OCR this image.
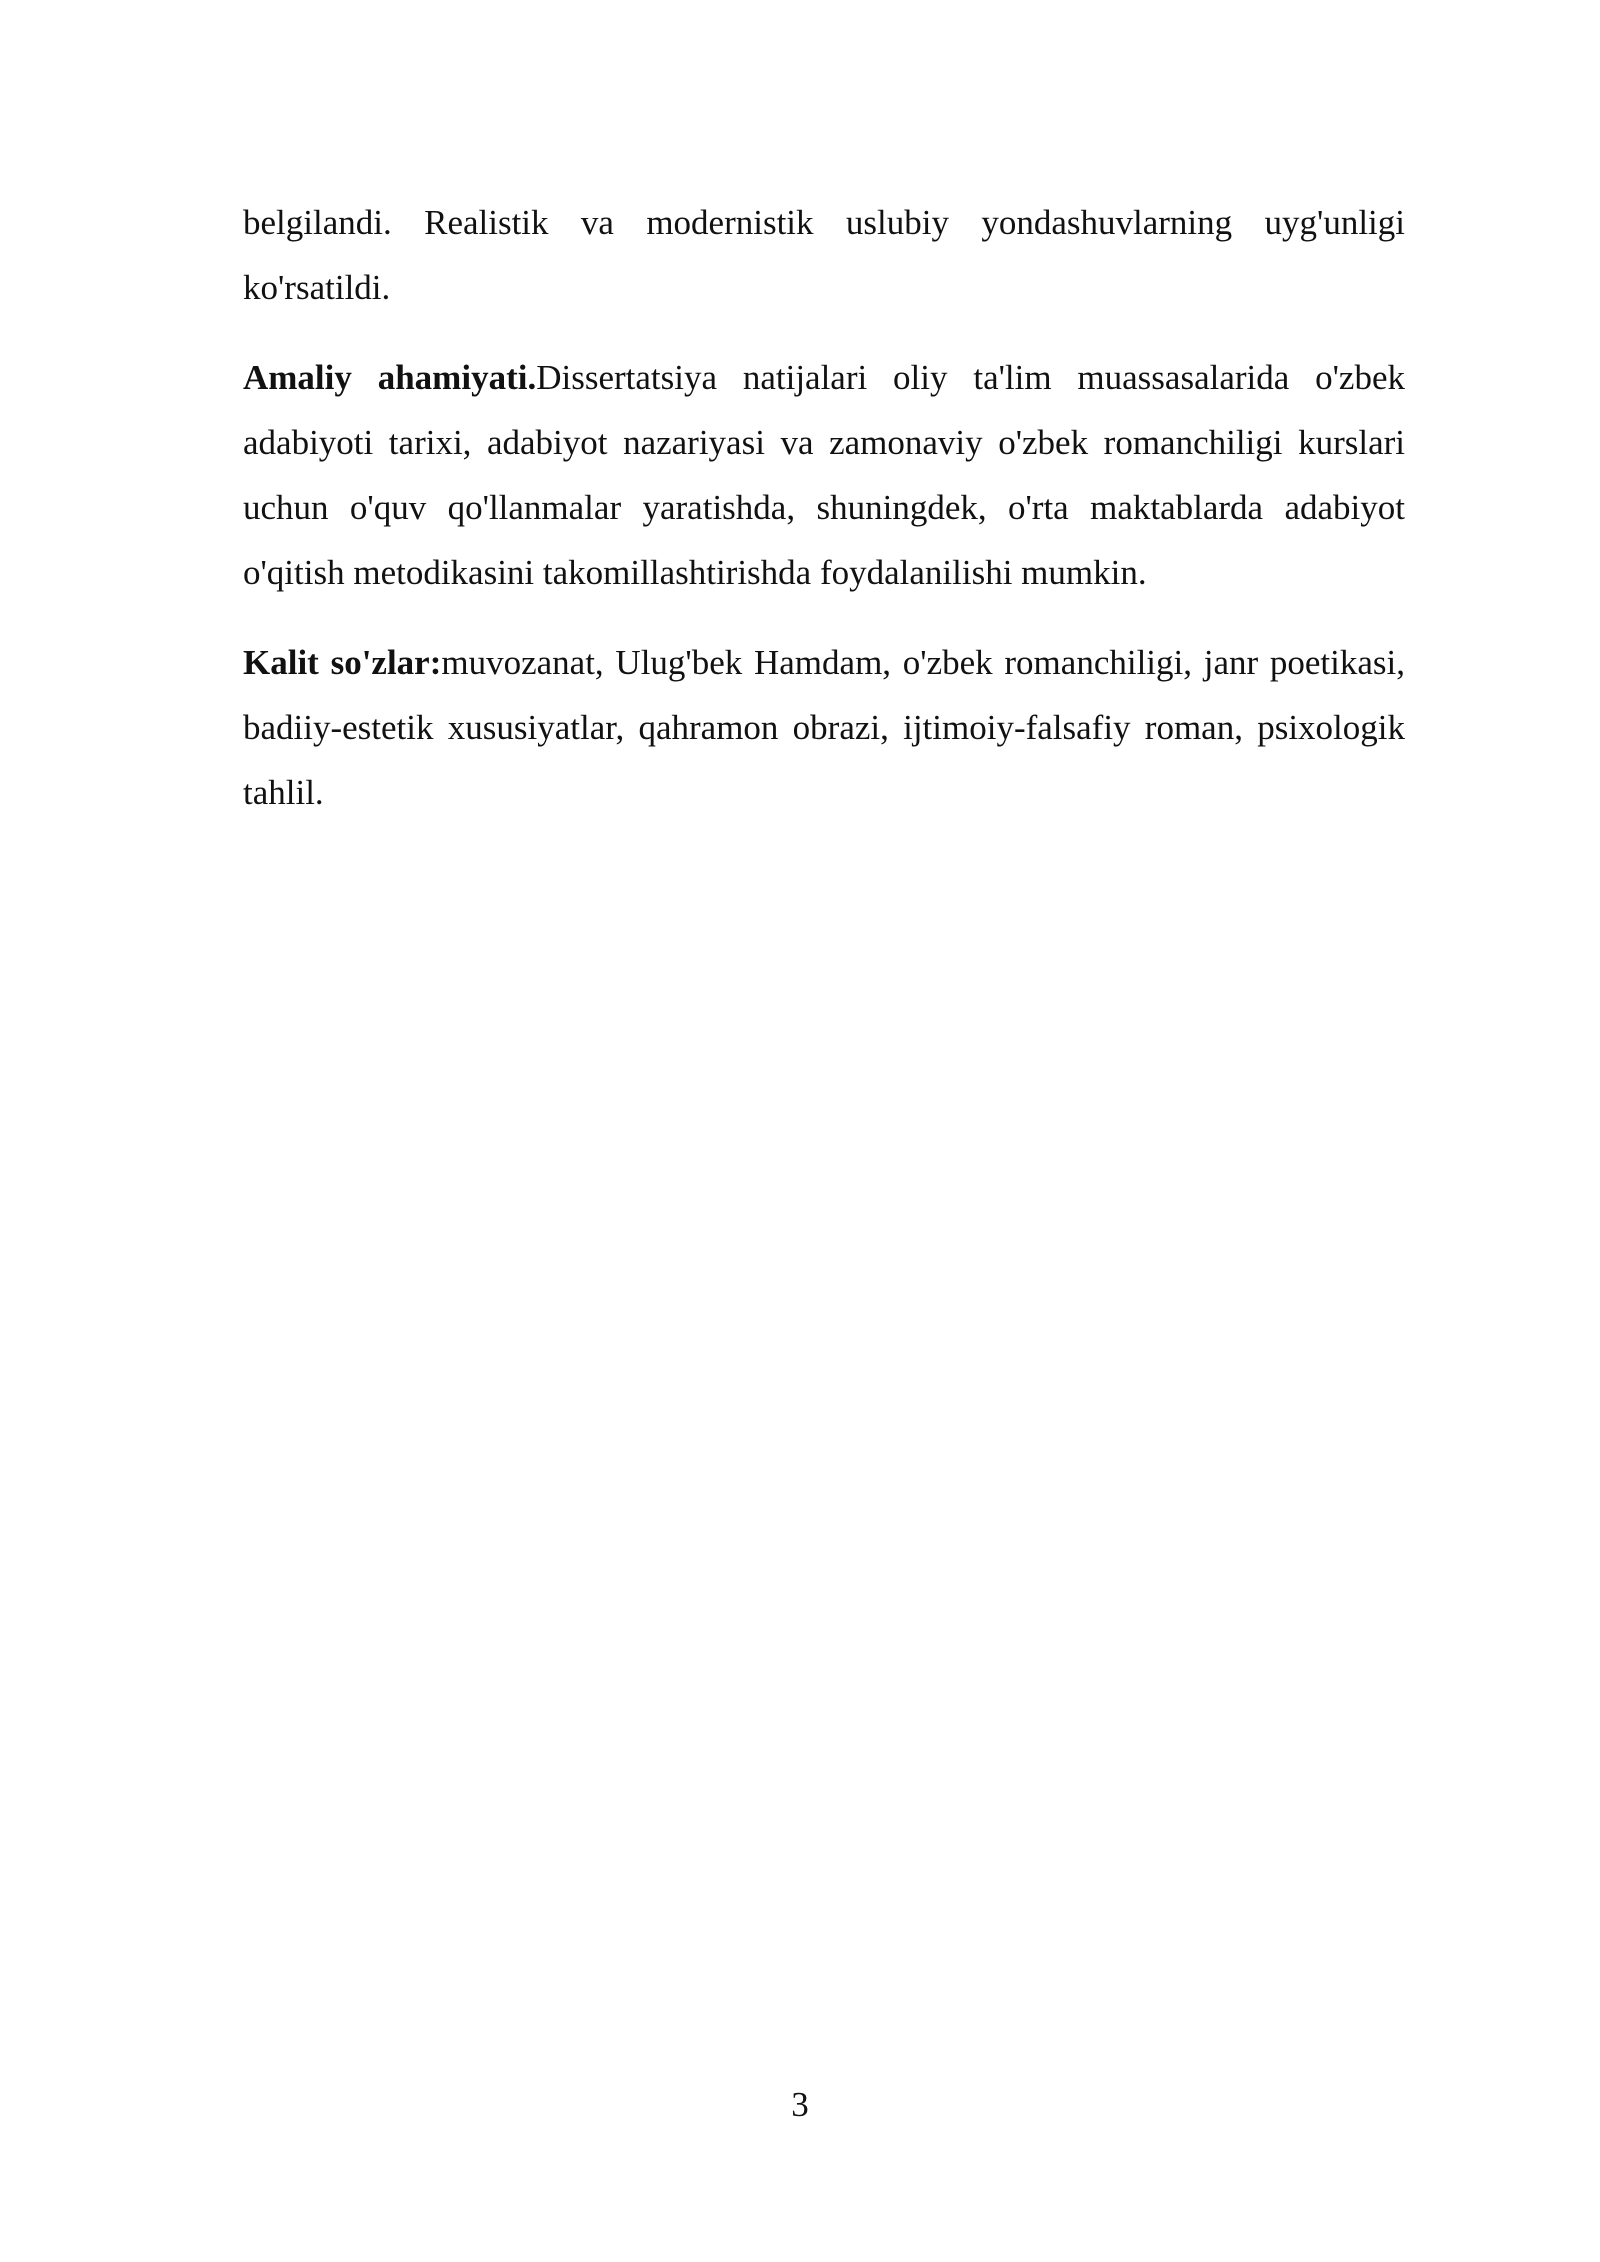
belgilandi. Realistik va modernistik uslubiy yondashuvlarning uyg'unligi ko'rsatildi.

Amaliy ahamiyati.Dissertatsiya natijalari oliy ta'lim muassasalarida o'zbek adabiyoti tarixi, adabiyot nazariyasi va zamonaviy o'zbek romanchiligi kurslari uchun o'quv qo'llanmalar yaratishda, shuningdek, o'rta maktablarda adabiyot o'qitish metodikasini takomillashtirishda foydalanilishi mumkin.

Kalit so'zlar:muvozanat, Ulug'bek Hamdam, o'zbek romanchiligi, janr poetikasi, badiiy-estetik xususiyatlar, qahramon obrazi, ijtimoiy-falsafiy roman, psixologik tahlil.

3
